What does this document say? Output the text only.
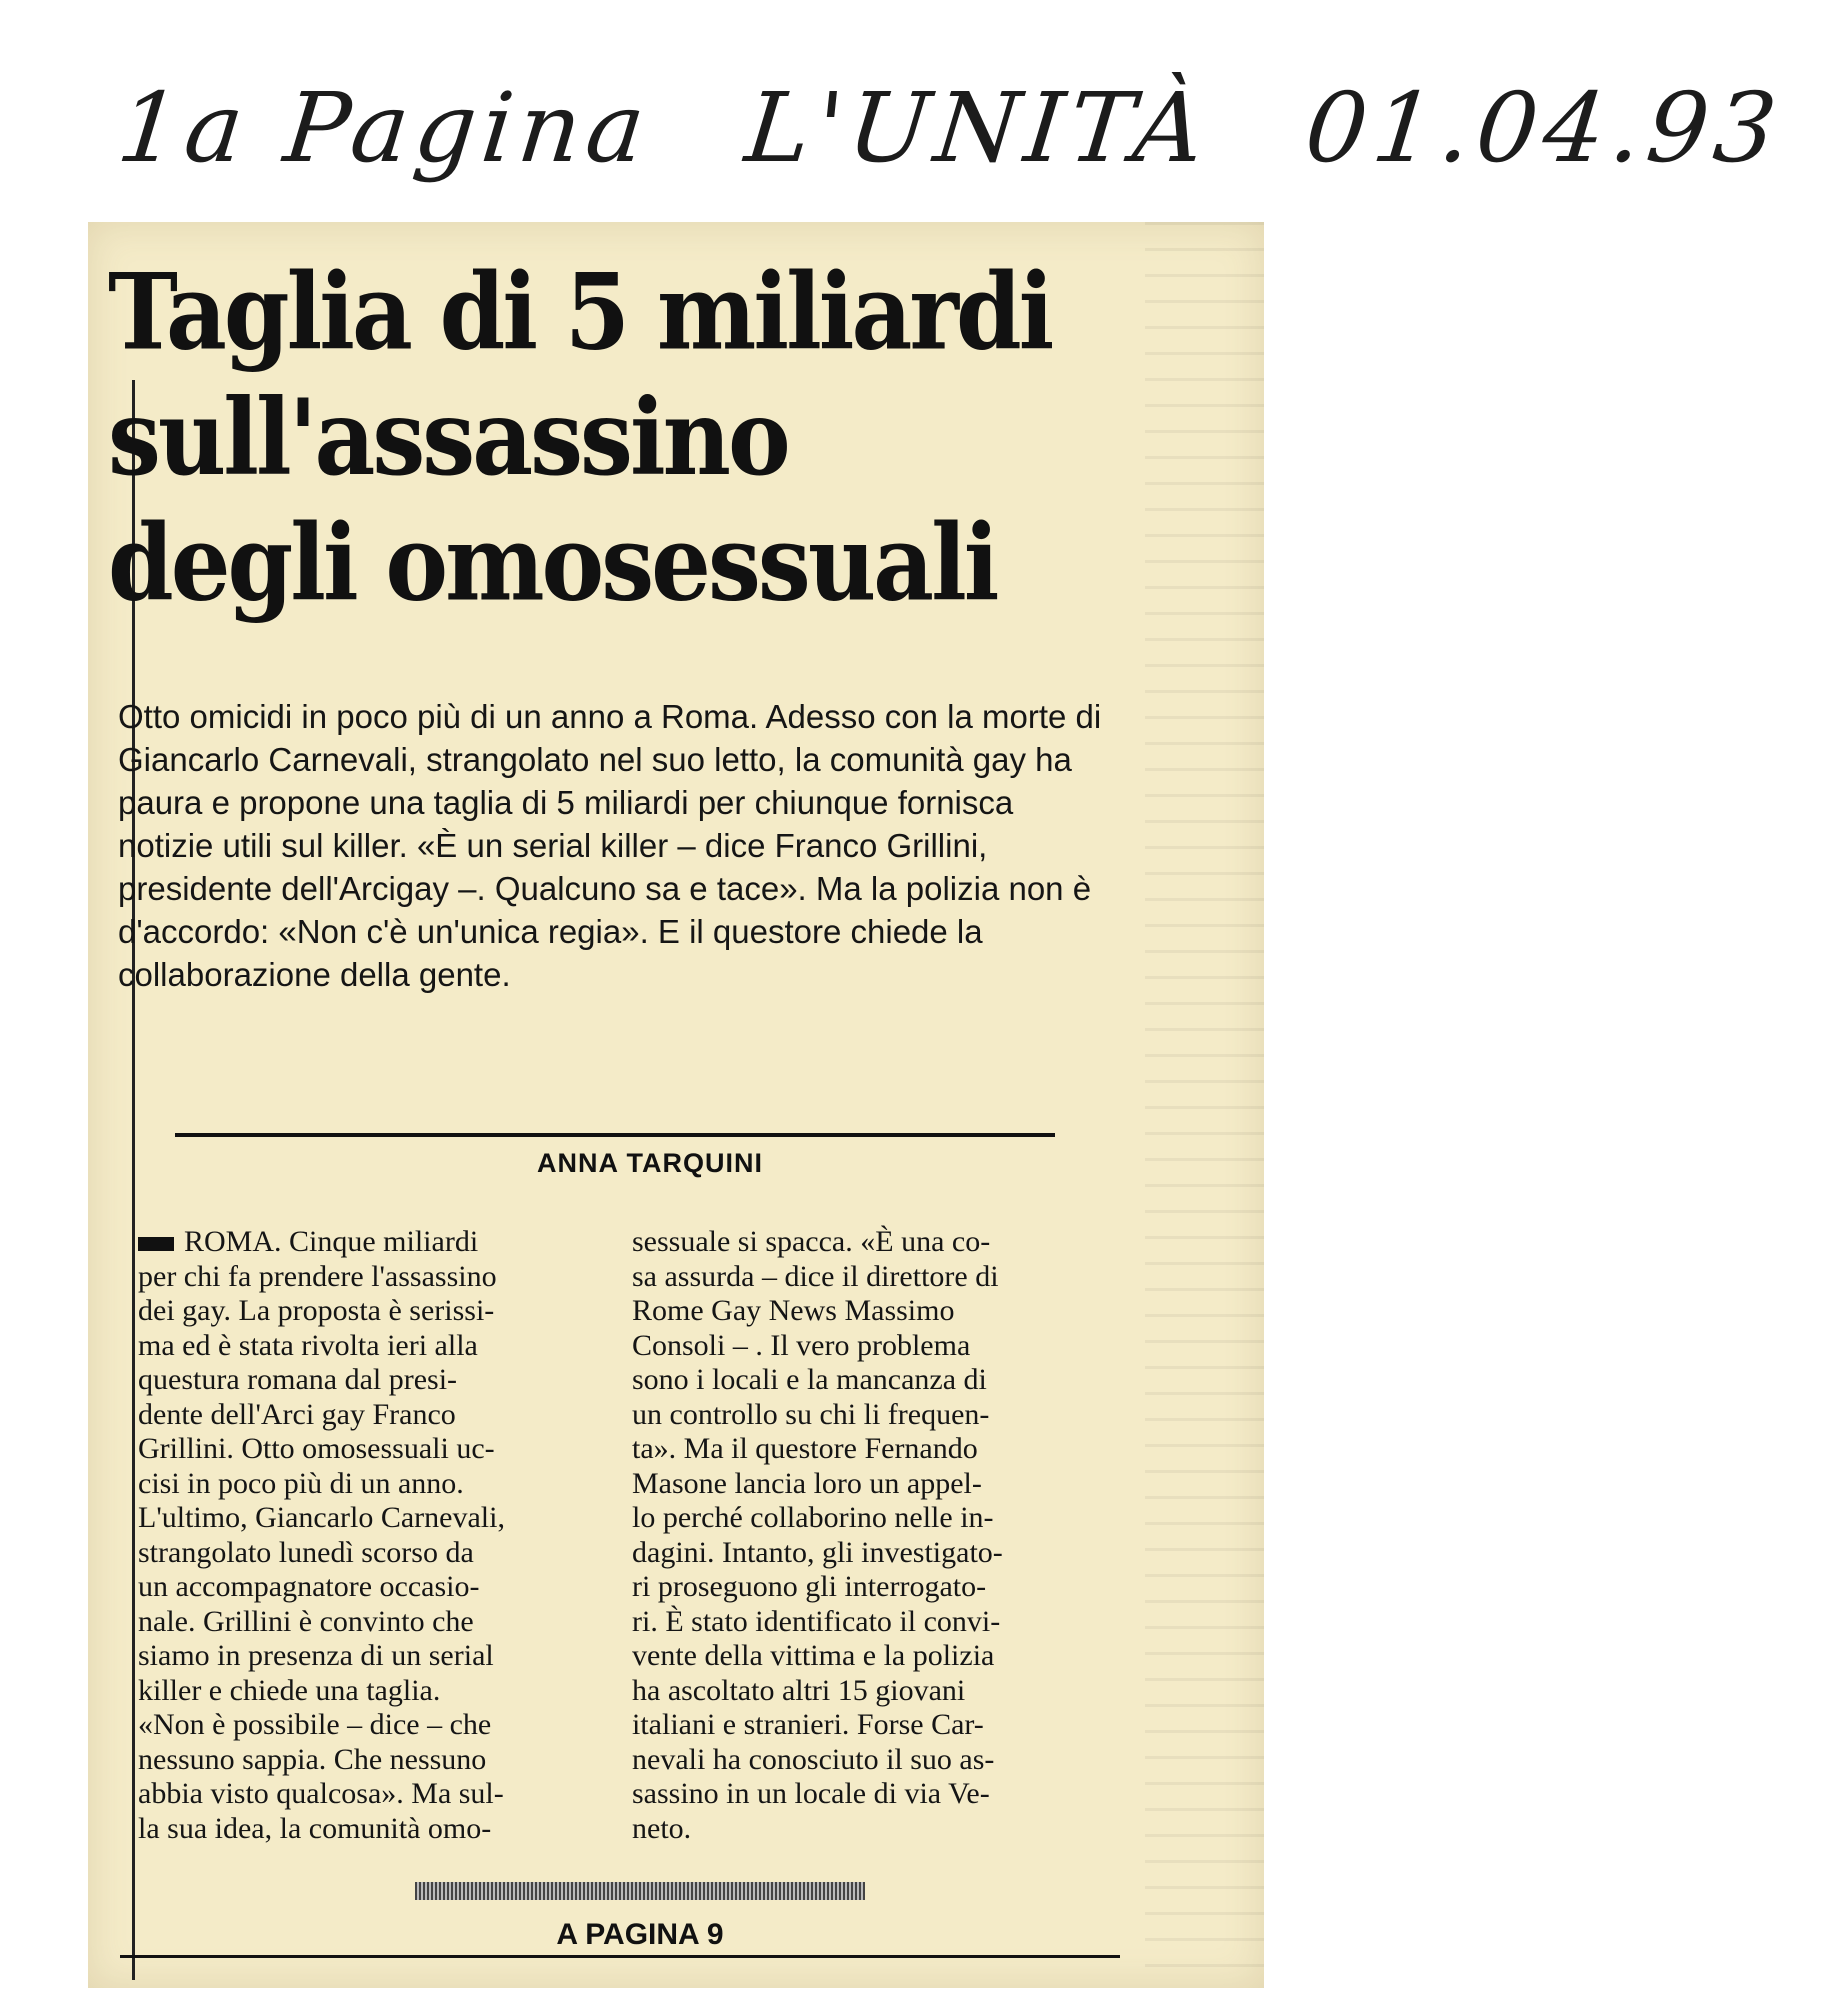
1a Pagina L'UNITÀ 01.04.93
Taglia di 5 miliardi
sull'assassino
degli omosessuali
Otto omicidi in poco più di un anno a Roma. Adesso con la morte di Giancarlo Carnevali, strangolato nel suo letto, la comunità gay ha paura e propone una taglia di 5 miliardi per chiunque fornisca notizie utili sul killer. «È un serial killer – dice Franco Grillini, presidente dell'Arcigay –. Qualcuno sa e tace». Ma la polizia non è d'accordo: «Non c'è un'unica regia». E il questore chiede la collaborazione della gente.
ANNA TARQUINI
ROMA. Cinque miliardi
per chi fa prendere l'assassino
dei gay. La proposta è serissi-
ma ed è stata rivolta ieri alla
questura romana dal presi-
dente dell'Arci gay Franco
Grillini. Otto omosessuali uc-
cisi in poco più di un anno.
L'ultimo, Giancarlo Carnevali,
strangolato lunedì scorso da
un accompagnatore occasio-
nale. Grillini è convinto che
siamo in presenza di un serial
killer e chiede una taglia.
«Non è possibile – dice – che
nessuno sappia. Che nessuno
abbia visto qualcosa». Ma sul-
la sua idea, la comunità omo-
sessuale si spacca. «È una co-
sa assurda – dice il direttore di
Rome Gay News Massimo
Consoli – . Il vero problema
sono i locali e la mancanza di
un controllo su chi li frequen-
ta». Ma il questore Fernando
Masone lancia loro un appel-
lo perché collaborino nelle in-
dagini. Intanto, gli investigato-
ri proseguono gli interrogato-
ri. È stato identificato il convi-
vente della vittima e la polizia
ha ascoltato altri 15 giovani
italiani e stranieri. Forse Car-
nevali ha conosciuto il suo as-
sassino in un locale di via Ve-
neto.
A PAGINA 9
